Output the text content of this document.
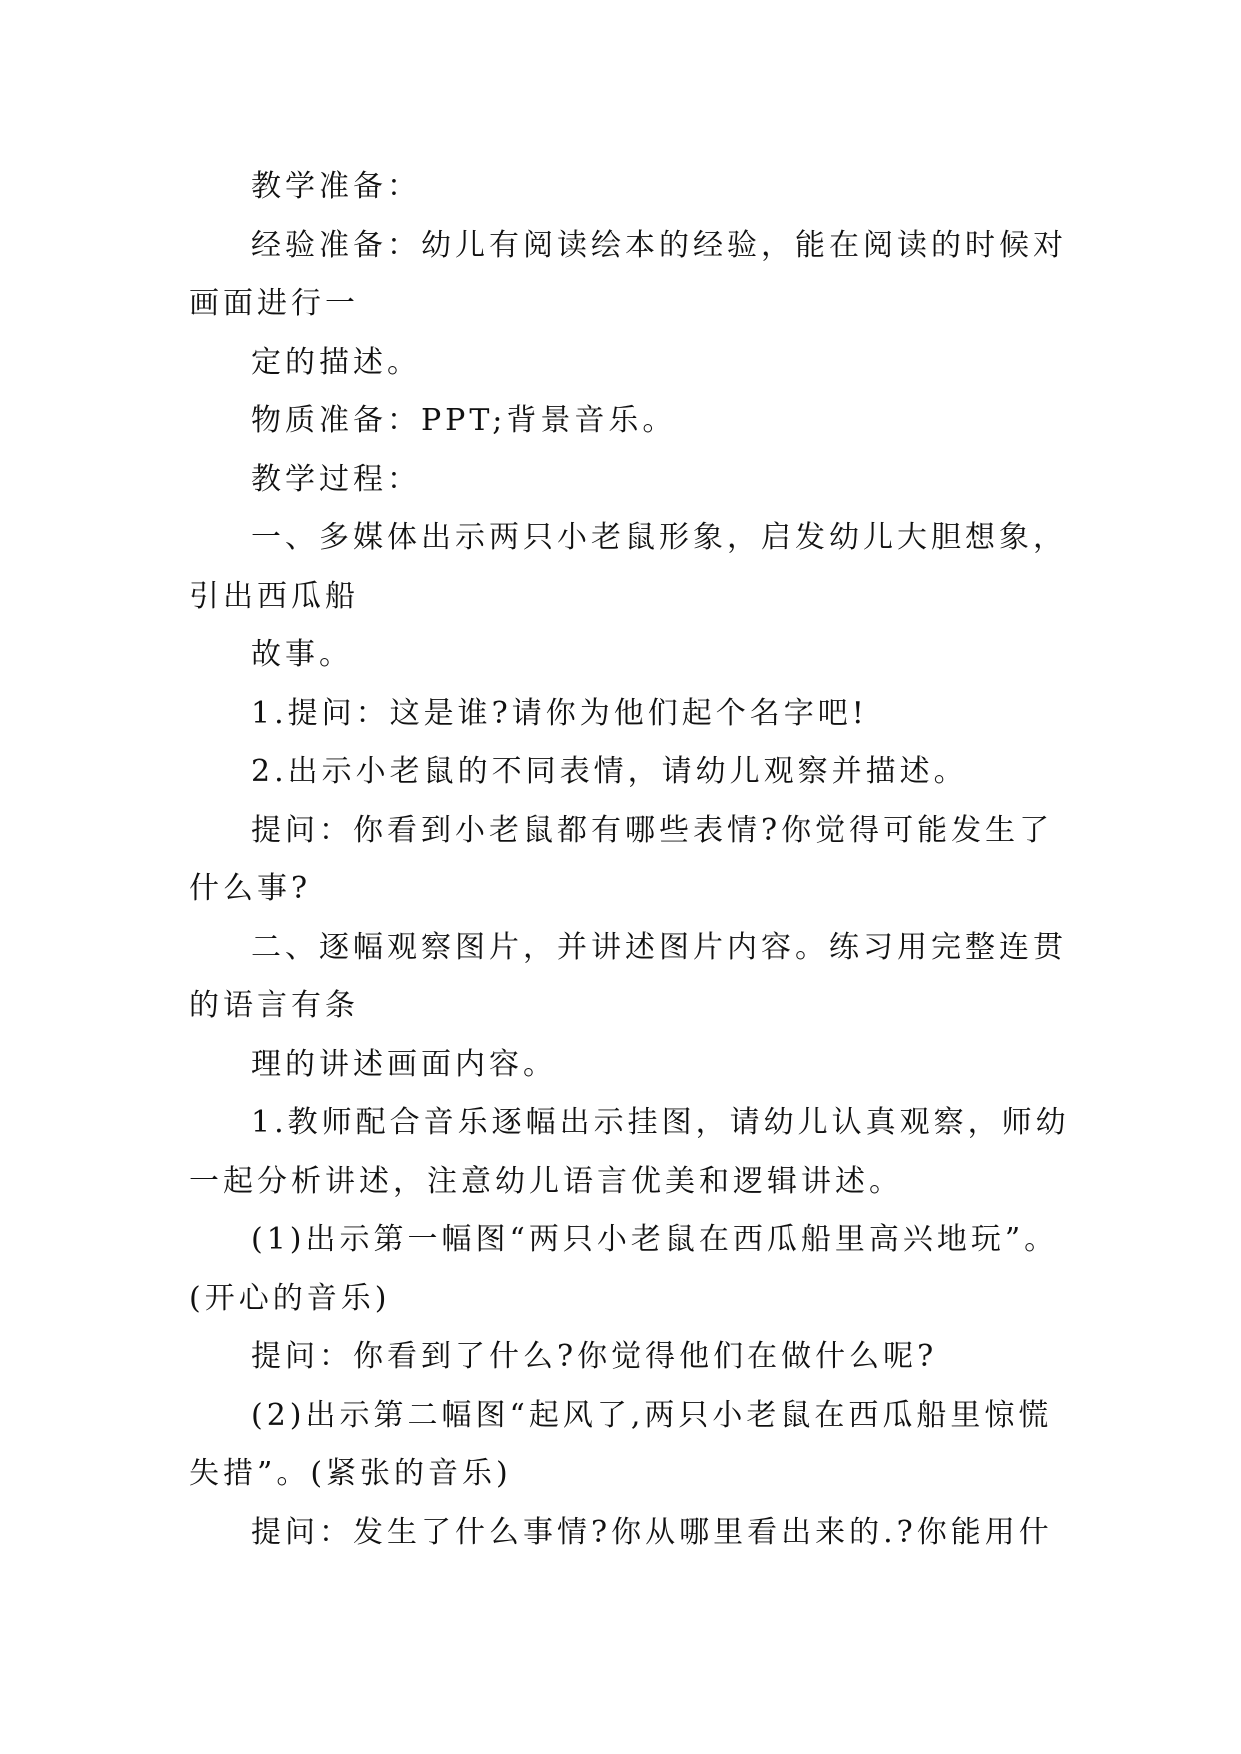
教学准备：
经验准备：幼儿有阅读绘本的经验，能在阅读的时候对
画面进行一
定的描述。
物质准备：PPT;背景音乐。
教学过程：
一、多媒体出示两只小老鼠形象，启发幼儿大胆想象，
引出西瓜船
故事。
1.提问：这是谁?请你为他们起个名字吧!
2.出示小老鼠的不同表情，请幼儿观察并描述。
提问：你看到小老鼠都有哪些表情?你觉得可能发生了
什么事?
二、逐幅观察图片，并讲述图片内容。练习用完整连贯
的语言有条
理的讲述画面内容。
1.教师配合音乐逐幅出示挂图，请幼儿认真观察，师幼
一起分析讲述，注意幼儿语言优美和逻辑讲述。
(1)出示第一幅图“两只小老鼠在西瓜船里高兴地玩”。
(开心的音乐)
提问：你看到了什么?你觉得他们在做什么呢?
(2)出示第二幅图“起风了,两只小老鼠在西瓜船里惊慌
失措”。(紧张的音乐)
提问：发生了什么事情?你从哪里看出来的.?你能用什
